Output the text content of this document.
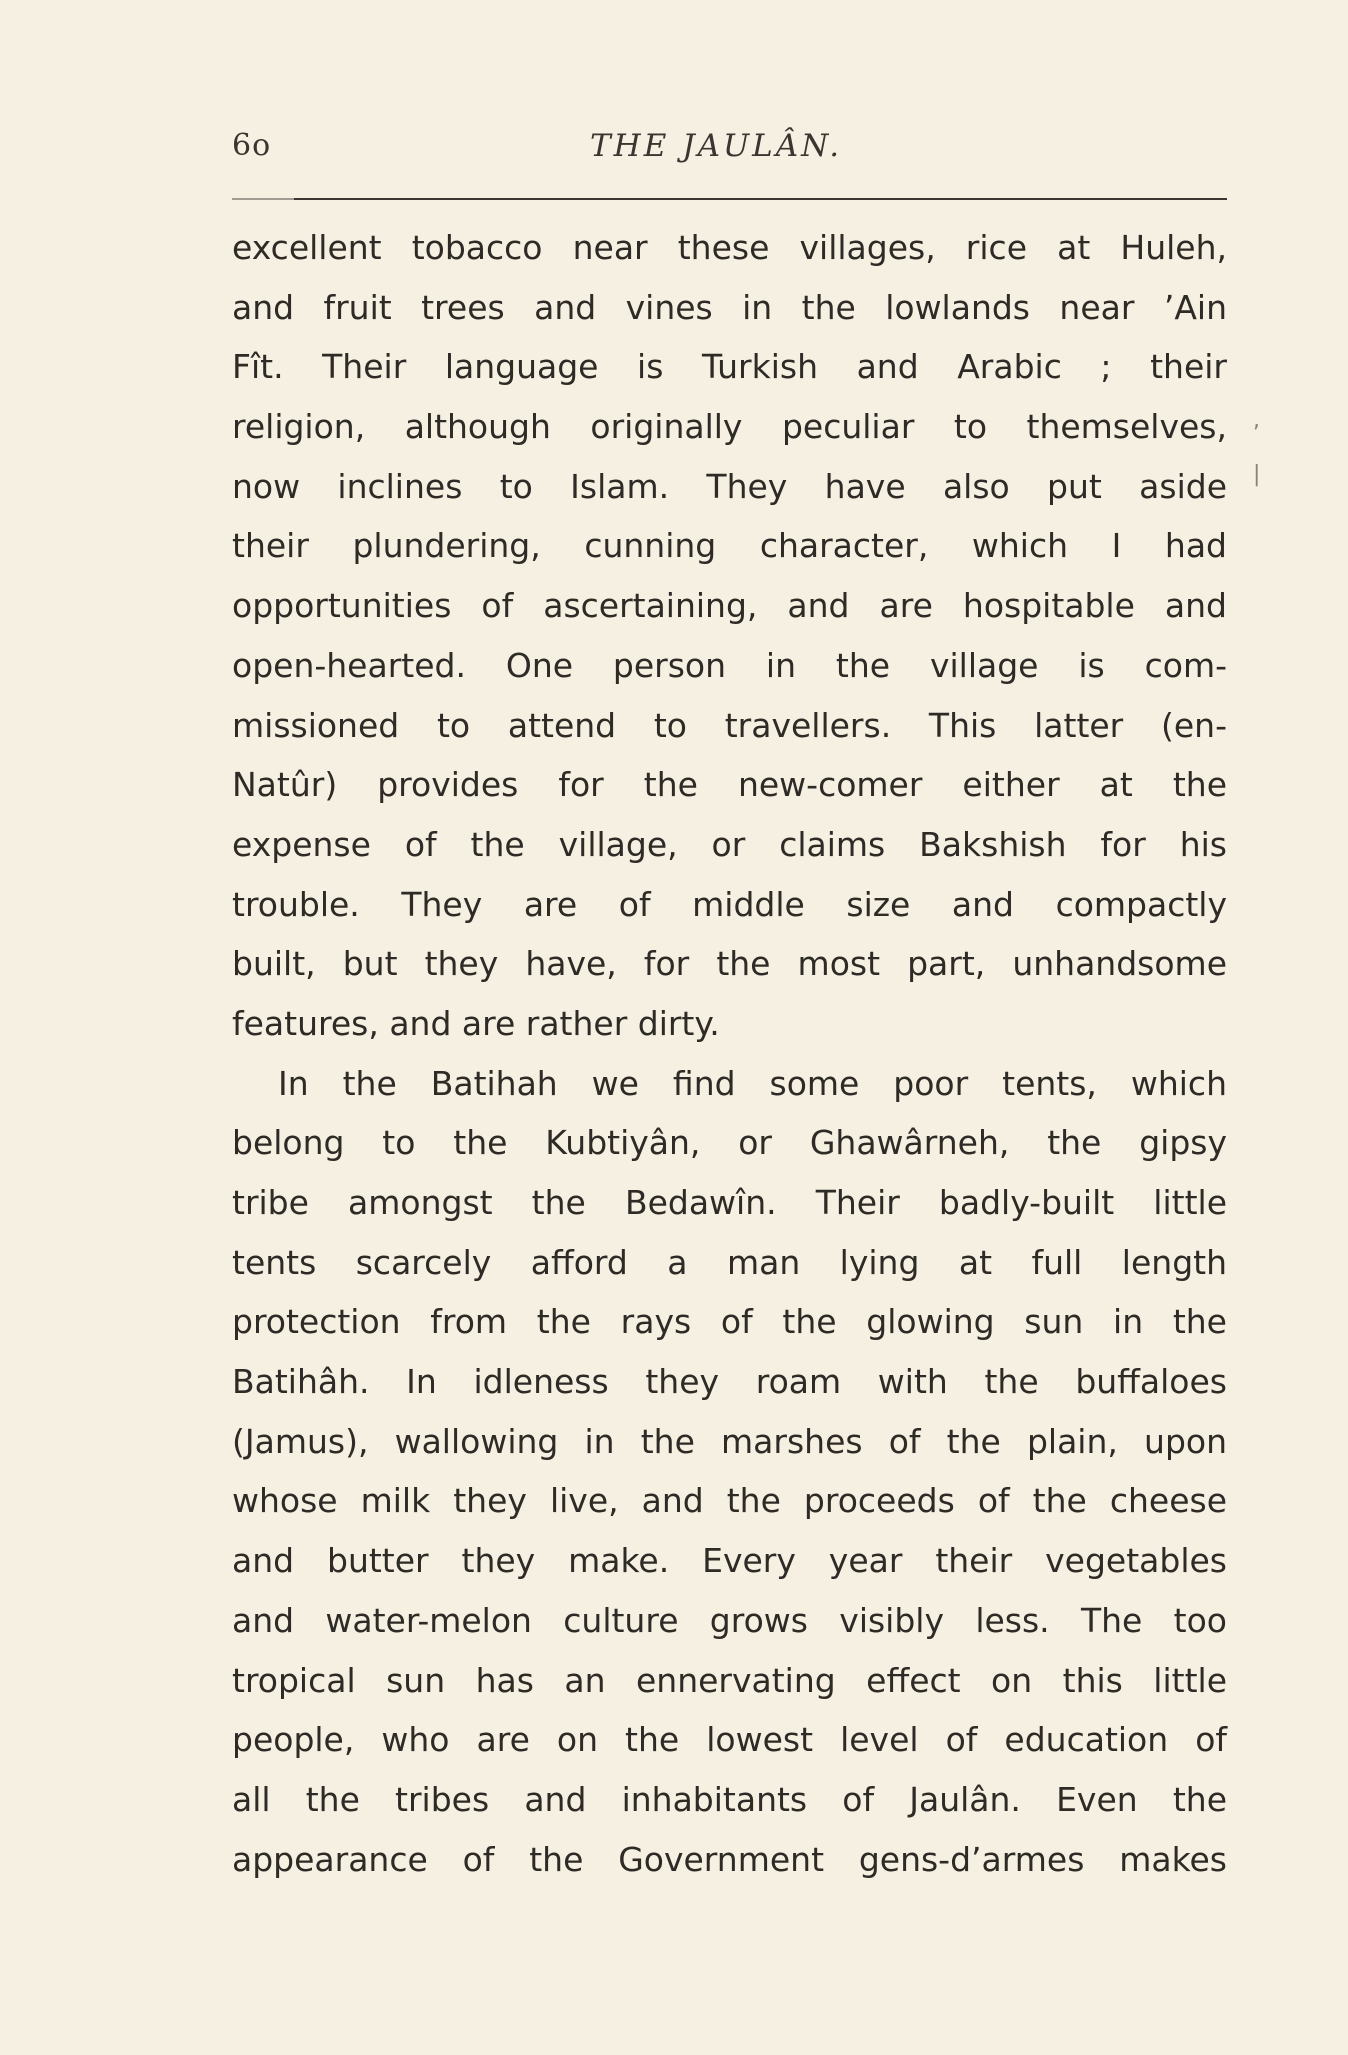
6o	THE JAULÂN.
excellent tobacco near these villages, rice at Huleh,
and fruit trees and vines in the lowlands near ’Ain
Fît. Their language is Turkish and Arabic ; their
religion, although originally peculiar to themselves,
now inclines to Islam. They have also put aside
their plundering, cunning character, which I had
opportunities of ascertaining, and are hospitable and
open-hearted. One person in the village is com-
missioned to attend to travellers. This latter (en-
Natûr) provides for the new-comer either at the
expense of the village, or claims Bakshish for his
trouble. They are of middle size and compactly
built, but they have, for the most part, unhandsome
features, and are rather dirty.
In the Batihah we find some poor tents, which
belong to the Kubtiyân, or Ghawârneh, the gipsy
tribe amongst the Bedawîn. Their badly-built little
tents scarcely afford a man lying at full length
protection from the rays of the glowing sun in the
Batihâh. In idleness they roam with the buffaloes
(Jamus), wallowing in the marshes of the plain, upon
whose milk they live, and the proceeds of the cheese
and butter they make. Every year their vegetables
and water-melon culture grows visibly less. The too
tropical sun has an ennervating effect on this little
people, who are on the lowest level of education of
all the tribes and inhabitants of Jaulân. Even the
appearance of the Government gens-d’armes makes
,
|
